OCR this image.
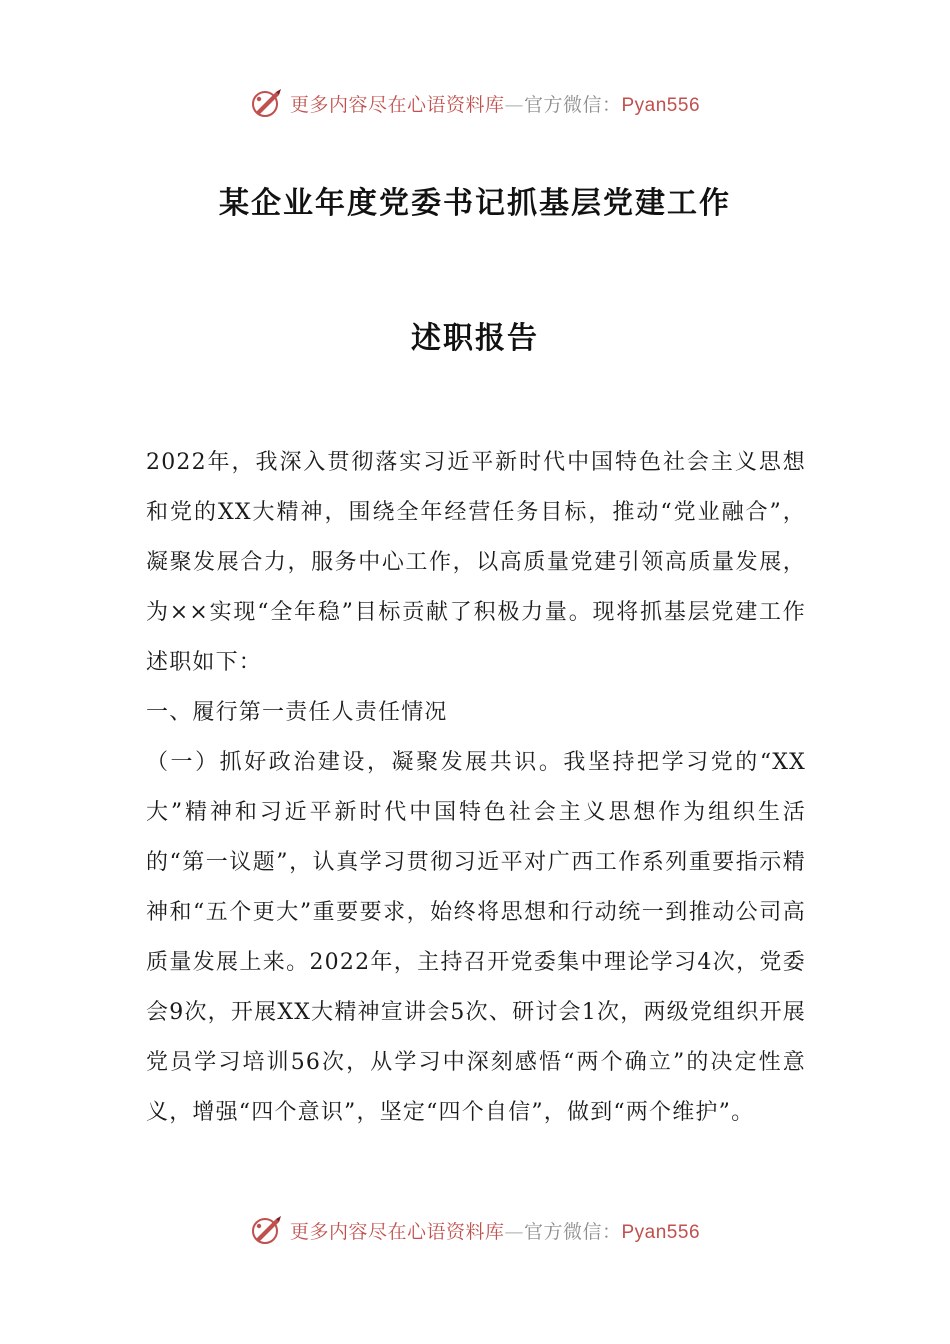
更多内容尽在心语资料库—官方微信：Pyan556
某企业年度党委书记抓基层党建工作
述职报告

2022年，我深入贯彻落实习近平新时代中国特色社会主义思想和党的XX大精神，围绕全年经营任务目标，推动“党业融合”，凝聚发展合力，服务中心工作，以高质量党建引领高质量发展，为××实现“全年稳”目标贡献了积极力量。现将抓基层党建工作述职如下：

一、履行第一责任人责任情况

（一）抓好政治建设，凝聚发展共识。我坚持把学习党的“XX大”精神和习近平新时代中国特色社会主义思想作为组织生活的“第一议题”，认真学习贯彻习近平对广西工作系列重要指示精神和“五个更大”重要要求，始终将思想和行动统一到推动公司高质量发展上来。2022年，主持召开党委集中理论学习4次，党委会9次，开展XX大精神宣讲会5次、研讨会1次，两级党组织开展党员学习培训56次，从学习中深刻感悟“两个确立”的决定性意义，增强“四个意识”，坚定“四个自信”，做到“两个维护”。

更多内容尽在心语资料库—官方微信：Pyan556
